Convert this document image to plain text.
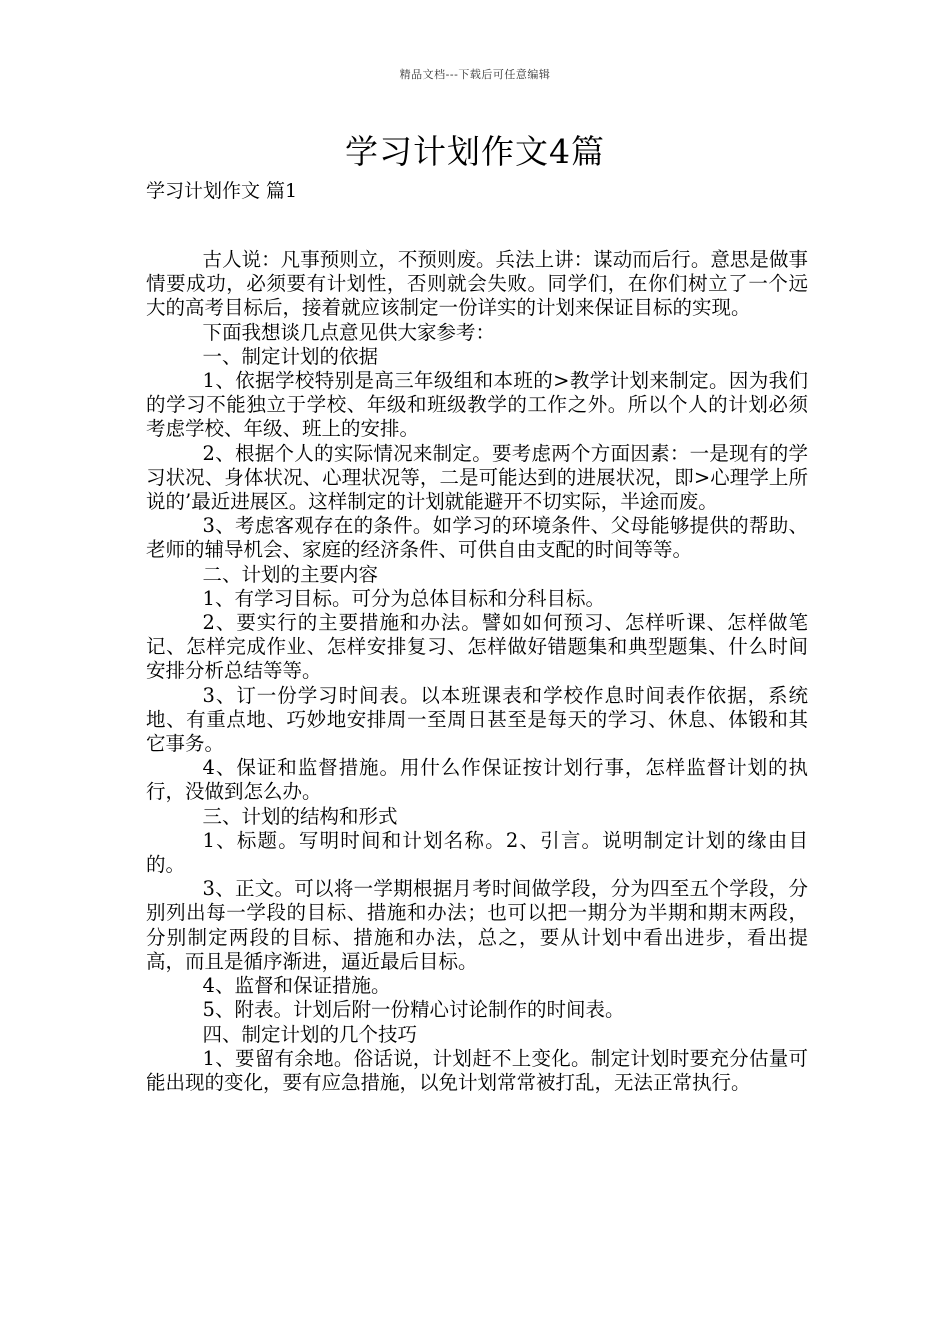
精品文档---下载后可任意编辑
学习计划作文4篇
学习计划作文 篇1

古人说：凡事预则立，不预则废。兵法上讲：谋动而后行。意思是做事情要成功，必须要有计划性，否则就会失败。同学们，在你们树立了一个远大的高考目标后，接着就应该制定一份详实的计划来保证目标的实现。

下面我想谈几点意见供大家参考：

一、制定计划的依据

1、依据学校特别是高三年级组和本班的>教学计划来制定。因为我们的学习不能独立于学校、年级和班级教学的工作之外。所以个人的计划必须考虑学校、年级、班上的安排。

2、根据个人的实际情况来制定。要考虑两个方面因素：一是现有的学习状况、身体状况、心理状况等，二是可能达到的进展状况，即>心理学上所说的’最近进展区。这样制定的计划就能避开不切实际，半途而废。

3、考虑客观存在的条件。如学习的环境条件、父母能够提供的帮助、老师的辅导机会、家庭的经济条件、可供自由支配的时间等等。

二、计划的主要内容

1、有学习目标。可分为总体目标和分科目标。

2、要实行的主要措施和办法。譬如如何预习、怎样听课、怎样做笔记、怎样完成作业、怎样安排复习、怎样做好错题集和典型题集、什么时间安排分析总结等等。

3、订一份学习时间表。以本班课表和学校作息时间表作依据，系统地、有重点地、巧妙地安排周一至周日甚至是每天的学习、休息、体锻和其它事务。

4、保证和监督措施。用什么作保证按计划行事，怎样监督计划的执行，没做到怎么办。

三、计划的结构和形式

1、标题。写明时间和计划名称。2、引言。说明制定计划的缘由目的。

3、正文。可以将一学期根据月考时间做学段，分为四至五个学段，分别列出每一学段的目标、措施和办法；也可以把一期分为半期和期末两段，分别制定两段的目标、措施和办法，总之，要从计划中看出进步，看出提高，而且是循序渐进，逼近最后目标。

4、监督和保证措施。

5、附表。计划后附一份精心讨论制作的时间表。

四、制定计划的几个技巧

1、要留有余地。俗话说，计划赶不上变化。制定计划时要充分估量可能出现的变化，要有应急措施，以免计划常常被打乱，无法正常执行。
